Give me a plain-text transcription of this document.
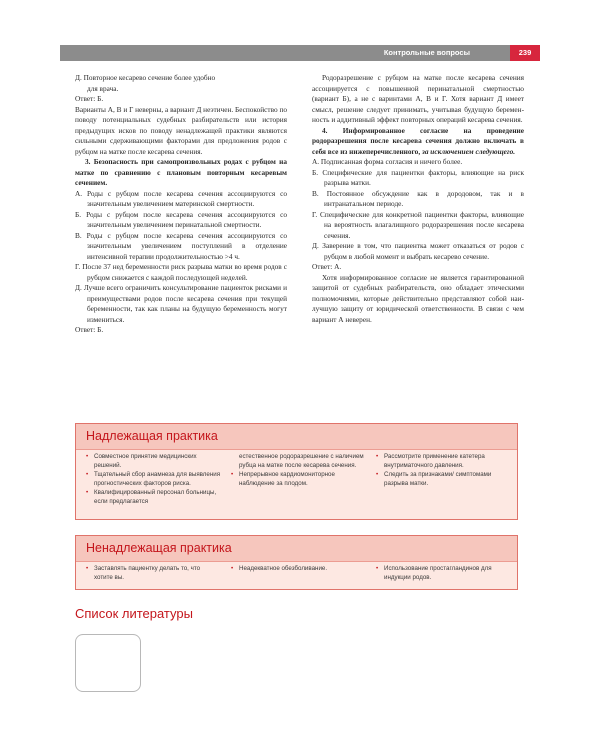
Контрольные вопросы	239

Д. Повторное кесарево сечение более удобно

для врача.

Ответ: Б.

Варианты А, В и Г неверны, а вариант Д неэтичен. Беспокойство по поводу потенциальных судебных разбирательств или история предыдущих исков по поводу ненадлежащей практики являются сильными сдерживающими факторами для предложения родов с рубцом на матке после кесарева сечения.

3. Безопасность при самопроизвольных родах с рубцом на матке по сравнению с плановым повторным кесаревым сечением.

А. Роды с рубцом после кесарева сечения ассоциируются со значительным увеличением материнской смертности.

Б. Роды с рубцом после кесарева сечения ассоциируются со значительным увеличением перинатальной смертности.

В. Роды с рубцом после кесарева сечения ассоциируются со значительным увеличением поступлений в отделение интенсивной терапии продолжительностью >4 ч.

Г. После 37 нед беременности риск разрыва матки во время родов с рубцом снижается с каждой последующей неделей.

Д. Лучше всего ограничить консультирование пациенток рисками и преимуществами родов после кесарева сечения при текущей беременности, так как планы на будущую беременность могут измениться.

Ответ: Б.

Родоразрешение с рубцом на матке после кесарева сечения ассоциируется с повышенной перинатальной смертностью (вариант Б), а не с варинтами А, В и Г. Хотя вариант Д имеет смысл, решение следует принимать, учитывая будущую беременность и аддитивный эффект повторных операций кесарева сечения.

4. Информированное согласие на проведение родоразрешения после кесарева сечения должно включать в себя все из нижеперечисленного, за исключением следующего.

А. Подписанная форма согласия и ничего более.

Б. Специфические для пациентки факторы, влияющие на риск разрыва матки.

В. Постоянное обсуждение как в дородовом, так и в интранатальном периоде.

Г. Специфические для конкретной пациентки факторы, влияющие на вероятность влагалищного родоразрешения после кесарева сечения.

Д. Заверение в том, что пациентка может отказаться от родов с рубцом в любой момент и выбрать кесарево сечение.

Ответ: А.

Хотя информированное согласие не является гарантированной защитой от судебных разбирательств, оно обладает этическими полномочиями, которые действительно представляют собой наилучшую защиту от юридической ответственности. В связи с чем вариант А неверен.

Надлежащая практика
• Совместное принятие медицинских решений.
• Тщательный сбор анамнеза для выявления прогностических факторов риска.
• Квалифицированный персонал больницы, если предлагается
естественное родоразрешение с наличием рубца на матке после кесарева сечения.
• Непрерывное кардиомониторное наблюдение за плодом.
• Рассмотрите применение катетера внутриматочного давления.
• Следить за признаками/ симптомами разрыва матки.
Ненадлежащая практика
• Заставлять пациентку делать то, что хотите вы.
• Неадекватное обезболивание.
•	Использование простагландинов для индукции родов.
Список литературы
